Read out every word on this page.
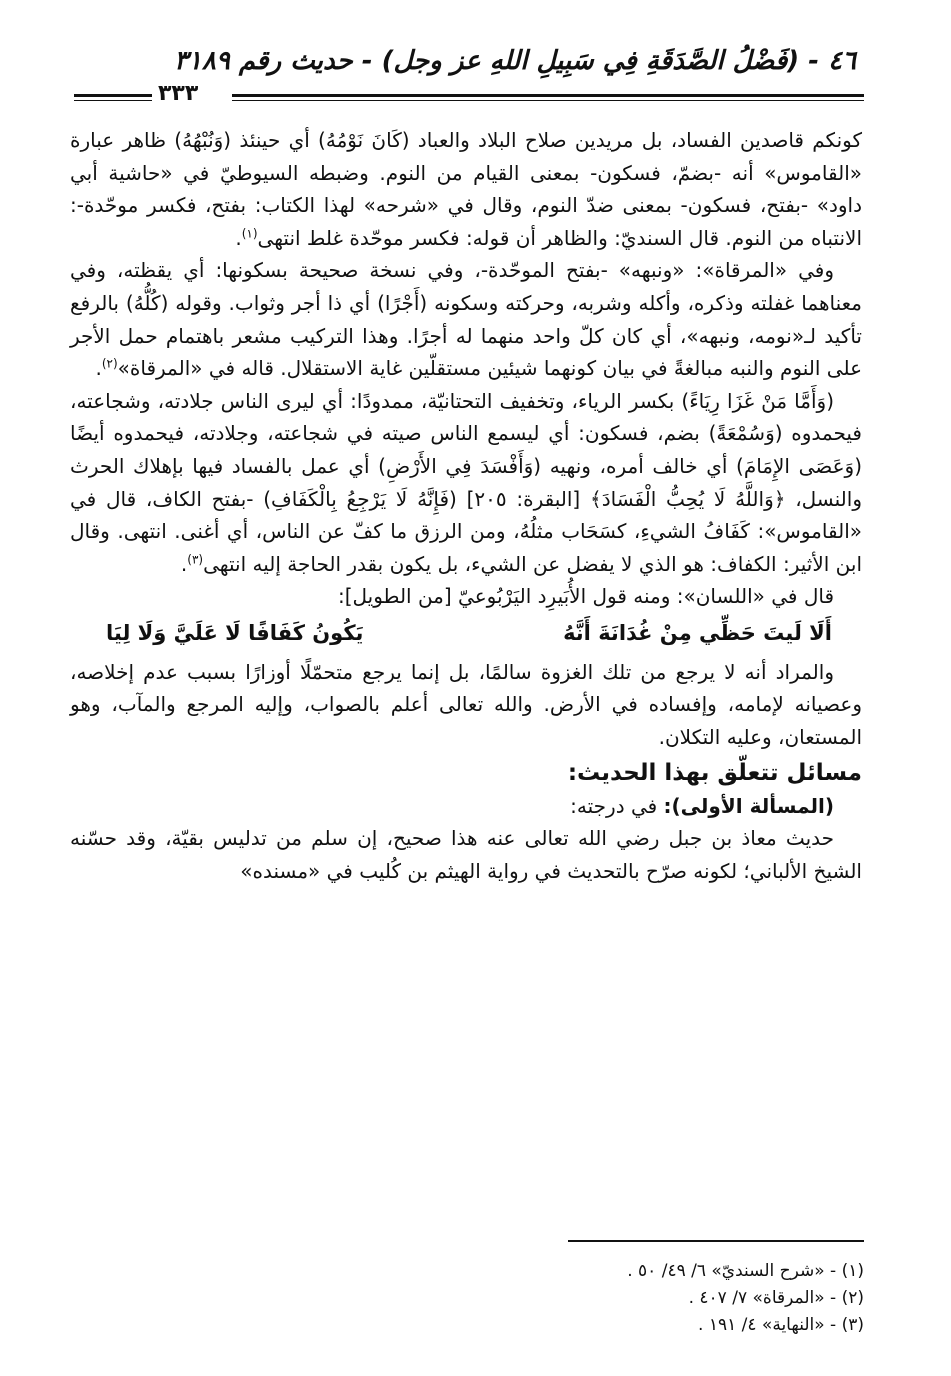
٤٦ - (فَضْلُ الصَّدَقَةِ فِي سَبِيلِ اللهِ عز وجل) - حديث رقم ٣١٨٩
٣٣٣

كونكم قاصدين الفساد، بل مريدين صلاح البلاد والعباد (كَانَ نَوْمُهُ) أي حينئذ (وَنُبْهُهُ) ظاهر عبارة «القاموس» أنه -بضمّ، فسكون- بمعنى القيام من النوم. وضبطه السيوطيّ في «حاشية أبي داود» -بفتح، فسكون- بمعنى ضدّ النوم، وقال في «شرحه» لهذا الكتاب: بفتح، فكسر موحّدة-: الانتباه من النوم. قال السنديّ: والظاهر أن قوله: فكسر موحّدة غلط انتهى$^{(١)}$.

وفي «المرقاة»: «ونبهه» -بفتح الموحّدة-، وفي نسخة صحيحة بسكونها: أي يقظته، وفي معناهما غفلته وذكره، وأكله وشربه، وحركته وسكونه (أَجْرًا) أي ذا أجر وثواب. وقوله (كُلُّهُ) بالرفع تأكيد لـ«نومه، ونبهه»، أي كان كلّ واحد منهما له أجرًا. وهذا التركيب مشعر باهتمام حمل الأجر على النوم والنبه مبالغةً في بيان كونهما شيئين مستقلّين غاية الاستقلال. قاله في «المرقاة»$^{(٢)}$.

(وَأَمَّا مَنْ غَزَا رِيَاءً) بكسر الرياء، وتخفيف التحتانيّة، ممدودًا: أي ليرى الناس جلادته، وشجاعته، فيحمدوه (وَسُمْعَةً) بضم، فسكون: أي ليسمع الناس صيته في شجاعته، وجلادته، فيحمدوه أيضًا (وَعَصَى الإِمَامَ) أي خالف أمره، ونهيه (وَأَفْسَدَ فِي الأَرْضِ) أي عمل بالفساد فيها بإهلاك الحرث والنسل، ﴿وَاللَّهُ لَا يُحِبُّ الْفَسَادَ﴾ [البقرة: ٢٠٥] (فَإِنَّهُ لَا يَرْجِعُ بِالْكَفَافِ) -بفتح الكاف، قال في «القاموس»: كَفَافُ الشيءِ، كسَحَاب مثلُهُ، ومن الرزق ما كفّ عن الناس، أي أغنى. انتهى. وقال ابن الأثير: الكفاف: هو الذي لا يفضل عن الشيء، بل يكون بقدر الحاجة إليه انتهى$^{(٣)}$.

قال في «اللسان»: ومنه قول الأُبَيرِد اليَرْبُوعيّ [من الطويل]:

أَلَا لَيتَ حَظِّي مِنْ غُدَانَةَ أَنَّهُ
يَكُونُ كَفَافًا لَا عَلَيَّ وَلَا لِيَا

والمراد أنه لا يرجع من تلك الغزوة سالمًا، بل إنما يرجع متحمّلًا أوزارًا بسبب عدم إخلاصه، وعصيانه لإمامه، وإفساده في الأرض. والله تعالى أعلم بالصواب، وإليه المرجع والمآب، وهو المستعان، وعليه التكلان.

مسائل تتعلّق بهذا الحديث:

(المسألة الأولى): في درجته:

حديث معاذ بن جبل رضي الله تعالى عنه هذا صحيح، إن سلم من تدليس بقيّة، وقد حسّنه الشيخ الألباني؛ لكونه صرّح بالتحديث في رواية الهيثم بن كُليب في «مسنده»

(١) - «شرح السنديّ» ٦/ ٤٩/ ٥٠ .
(٢) - «المرقاة» ٧/ ٤٠٧ .
(٣) - «النهاية» ٤/ ١٩١ .
